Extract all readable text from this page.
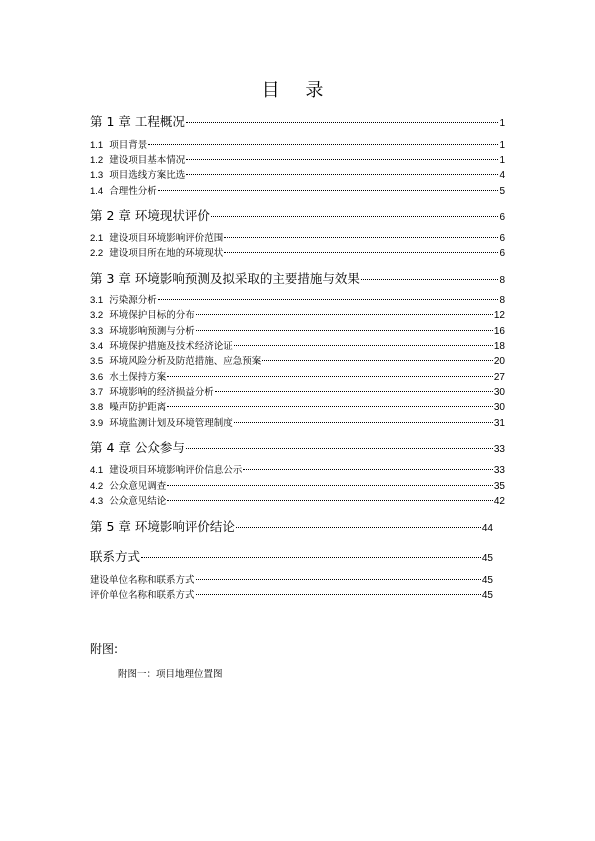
目 录
第 1 章 工程概况	1
1.1 项目背景	1
1.2 建设项目基本情况	1
1.3 项目选线方案比选	4
1.4 合理性分析	5
第 2 章 环境现状评价	6
2.1 建设项目环境影响评价范围	6
2.2 建设项目所在地的环境现状	6
第 3 章 环境影响预测及拟采取的主要措施与效果	8
3.1 污染源分析	8
3.2 环境保护目标的分布	12
3.3 环境影响预测与分析	16
3.4 环境保护措施及技术经济论证	18
3.5 环境风险分析及防范措施、应急预案	20
3.6 水土保持方案	27
3.7 环境影响的经济损益分析	30
3.8 噪声防护距离	30
3.9 环境监测计划及环境管理制度	31
第 4 章 公众参与	33
4.1 建设项目环境影响评价信息公示	33
4.2 公众意见调查	35
4.3 公众意见结论	42
第 5 章 环境影响评价结论	44
联系方式	45
建设单位名称和联系方式	45
评价单位名称和联系方式	45
附图:
附图一：项目地理位置图
